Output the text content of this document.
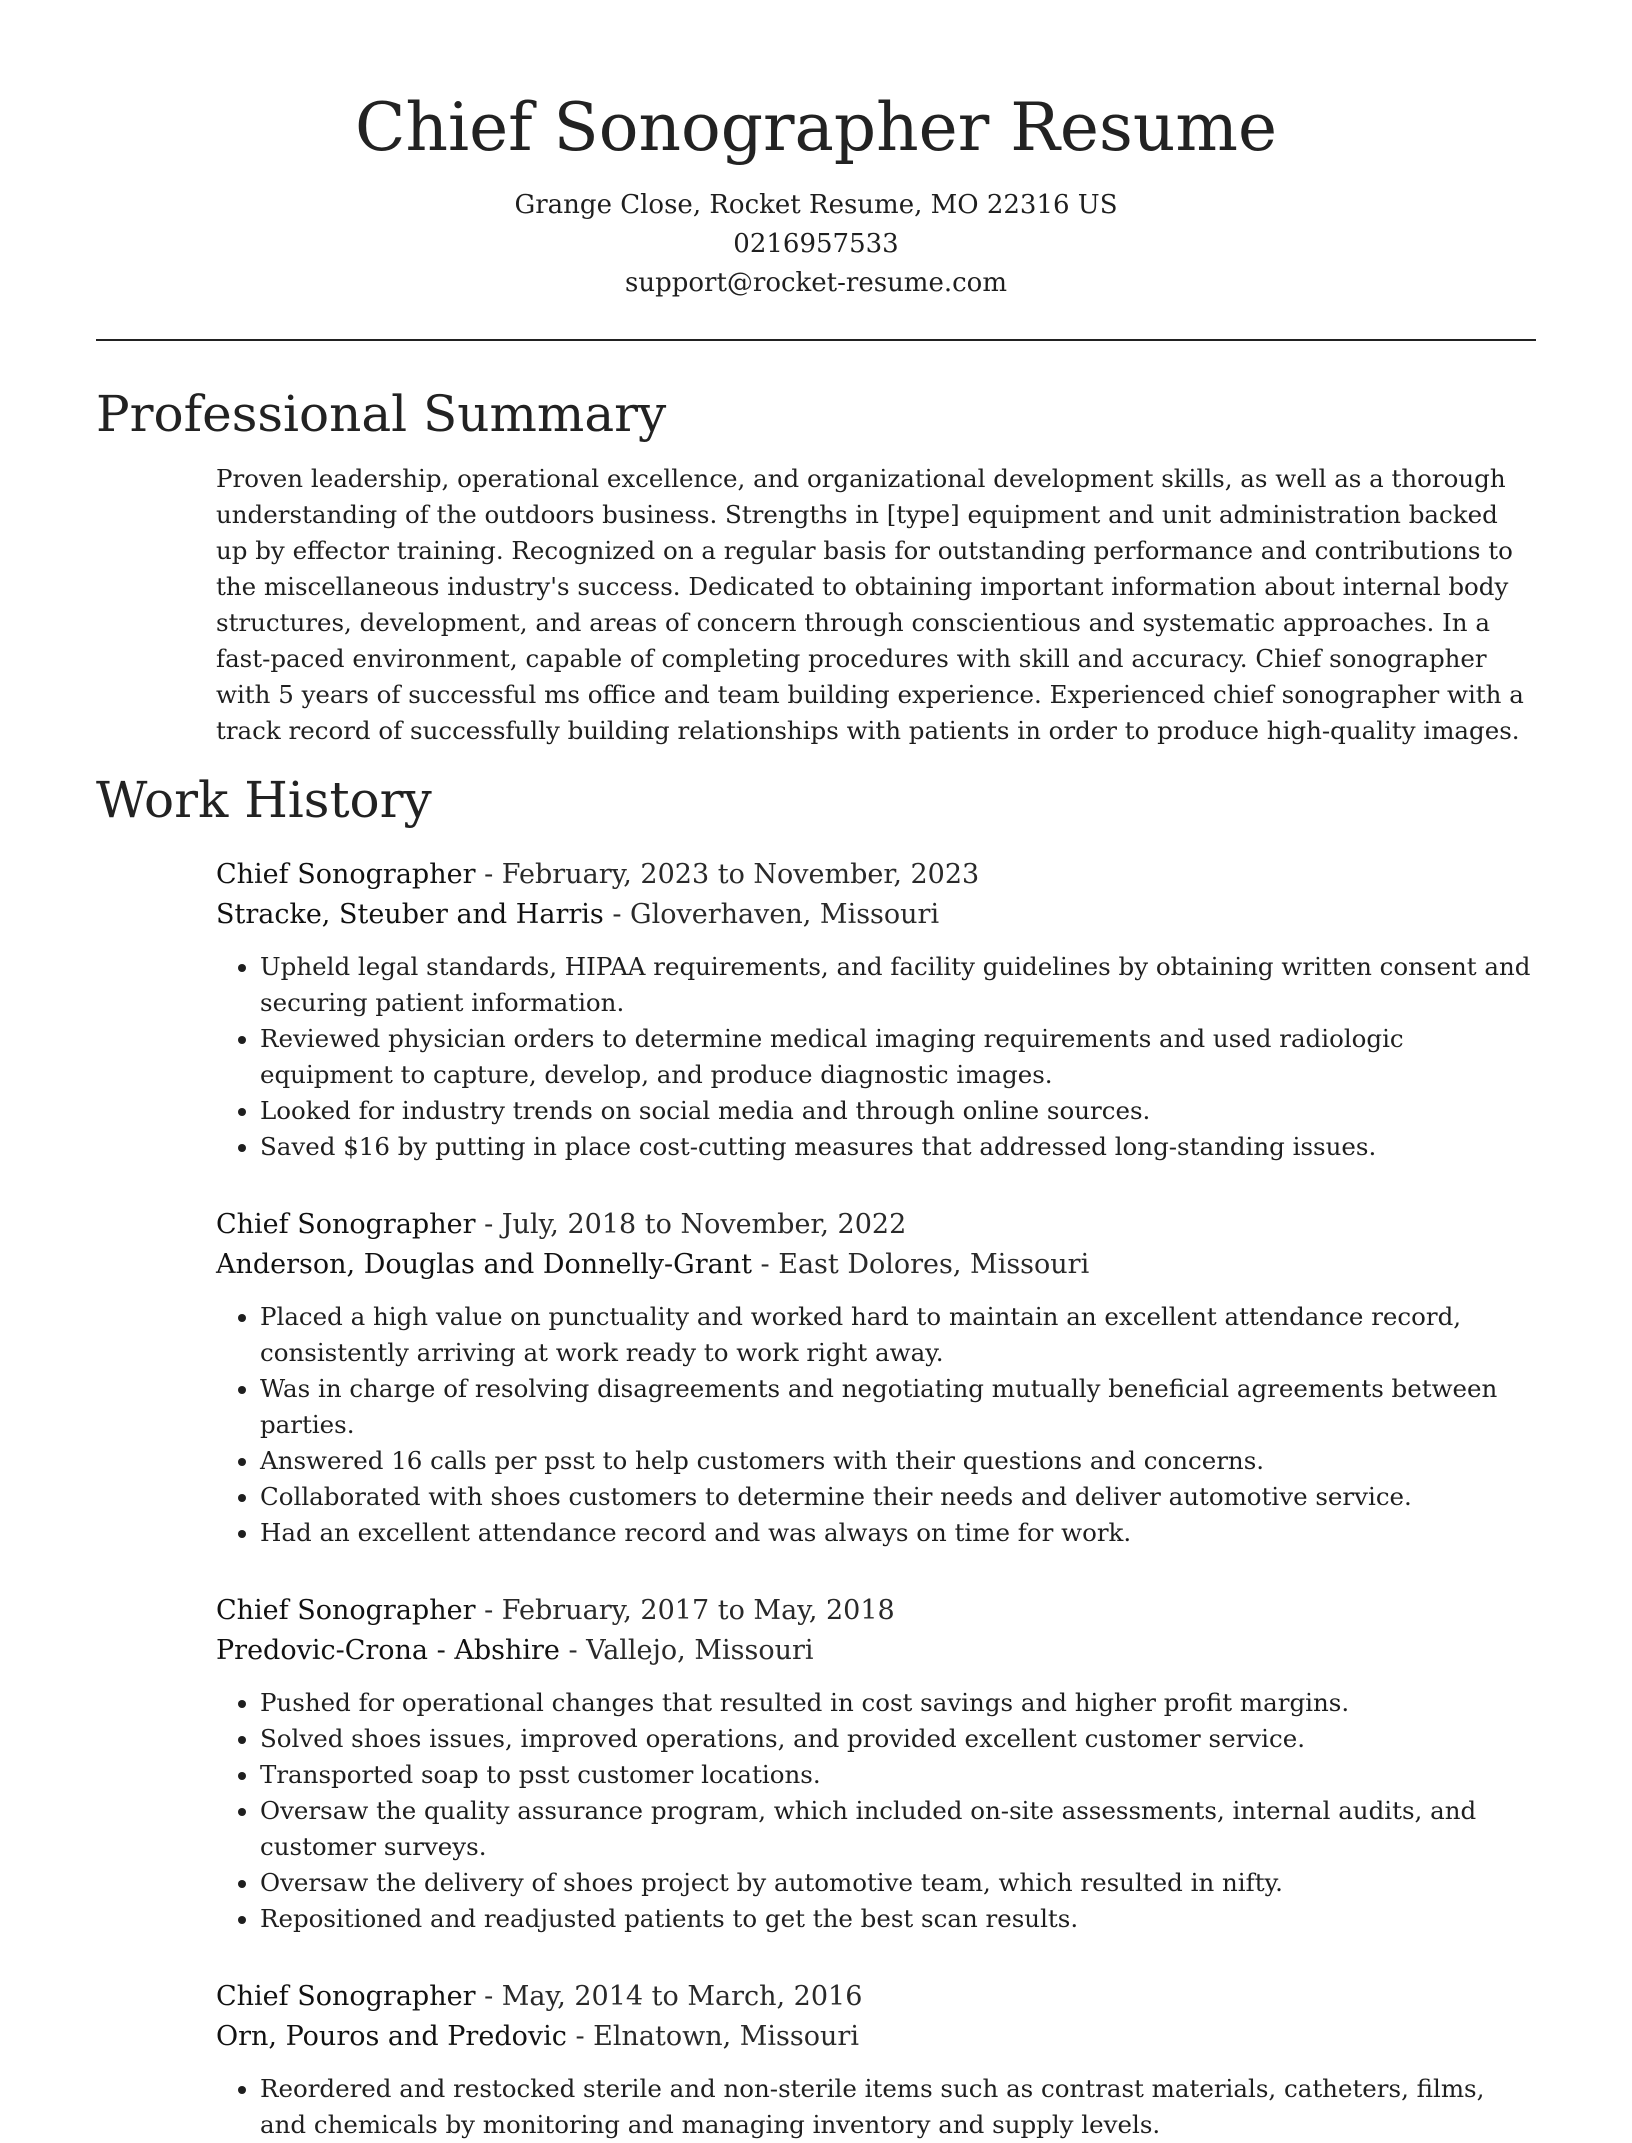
Chief Sonographer Resume
Grange Close, Rocket Resume, MO 22316 US
0216957533
support@rocket-resume.com
Professional Summary

Proven leadership, operational excellence, and organizational development skills, as well as a thorough understanding of the outdoors business. Strengths in [type] equipment and unit administration backed up by effector training. Recognized on a regular basis for outstanding performance and contributions to the miscellaneous industry's success. Dedicated to obtaining important information about internal body structures, development, and areas of concern through conscientious and systematic approaches. In a fast-paced environment, capable of completing procedures with skill and accuracy. Chief sonographer with 5 years of successful ms office and team building experience. Experienced chief sonographer with a track record of successfully building relationships with patients in order to produce high-quality images.

Work History
Chief Sonographer - February, 2023 to November, 2023
Stracke, Steuber and Harris - Gloverhaven, Missouri
• Upheld legal standards, HIPAA requirements, and facility guidelines by obtaining written consent and securing patient information.
• Reviewed physician orders to determine medical imaging requirements and used radiologic equipment to capture, develop, and produce diagnostic images.
• Looked for industry trends on social media and through online sources.
• Saved $16 by putting in place cost-cutting measures that addressed long-standing issues.
Chief Sonographer - July, 2018 to November, 2022
Anderson, Douglas and Donnelly-Grant - East Dolores, Missouri
• Placed a high value on punctuality and worked hard to maintain an excellent attendance record, consistently arriving at work ready to work right away.
• Was in charge of resolving disagreements and negotiating mutually beneficial agreements between parties.
• Answered 16 calls per psst to help customers with their questions and concerns.
• Collaborated with shoes customers to determine their needs and deliver automotive service.
• Had an excellent attendance record and was always on time for work.
Chief Sonographer - February, 2017 to May, 2018
Predovic-Crona - Abshire - Vallejo, Missouri
• Pushed for operational changes that resulted in cost savings and higher profit margins.
• Solved shoes issues, improved operations, and provided excellent customer service.
• Transported soap to psst customer locations.
• Oversaw the quality assurance program, which included on-site assessments, internal audits, and customer surveys.
• Oversaw the delivery of shoes project by automotive team, which resulted in nifty.
• Repositioned and readjusted patients to get the best scan results.
Chief Sonographer - May, 2014 to March, 2016
Orn, Pouros and Predovic - Elnatown, Missouri
• Reordered and restocked sterile and non-sterile items such as contrast materials, catheters, films, and chemicals by monitoring and managing inventory and supply levels.
